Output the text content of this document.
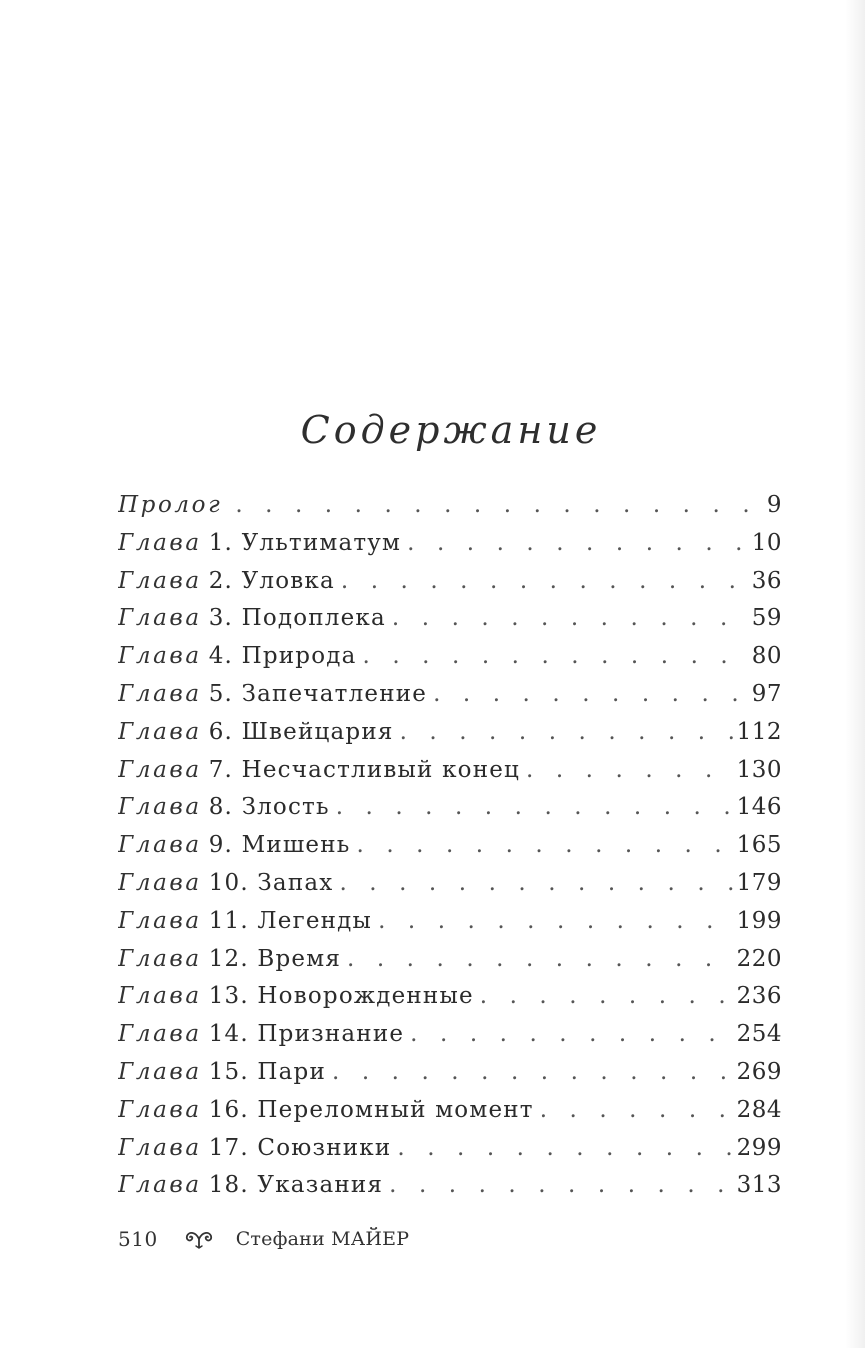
Содержание
Пролог . . .	9
Глава 1. Ультиматум . . .	10
Глава 2. Уловка . . .	36
Глава 3. Подоплека . . .	59
Глава 4. Природа . . .	80
Глава 5. Запечатление . . .	97
Глава 6. Швейцария . . .	112
Глава 7. Несчастливый конец . . .	130
Глава 8. Злость . . .	146
Глава 9. Мишень . . .	165
Глава 10. Запах . . .	179
Глава 11. Легенды . . .	199
Глава 12. Время . . .	220
Глава 13. Новорожденные . . .	236
Глава 14. Признание . . .	254
Глава 15. Пари . . .	269
Глава 16. Переломный момент . . .	284
Глава 17. Союзники . . .	299
Глава 18. Указания . . .	313
510	Стефани МАЙЕР
